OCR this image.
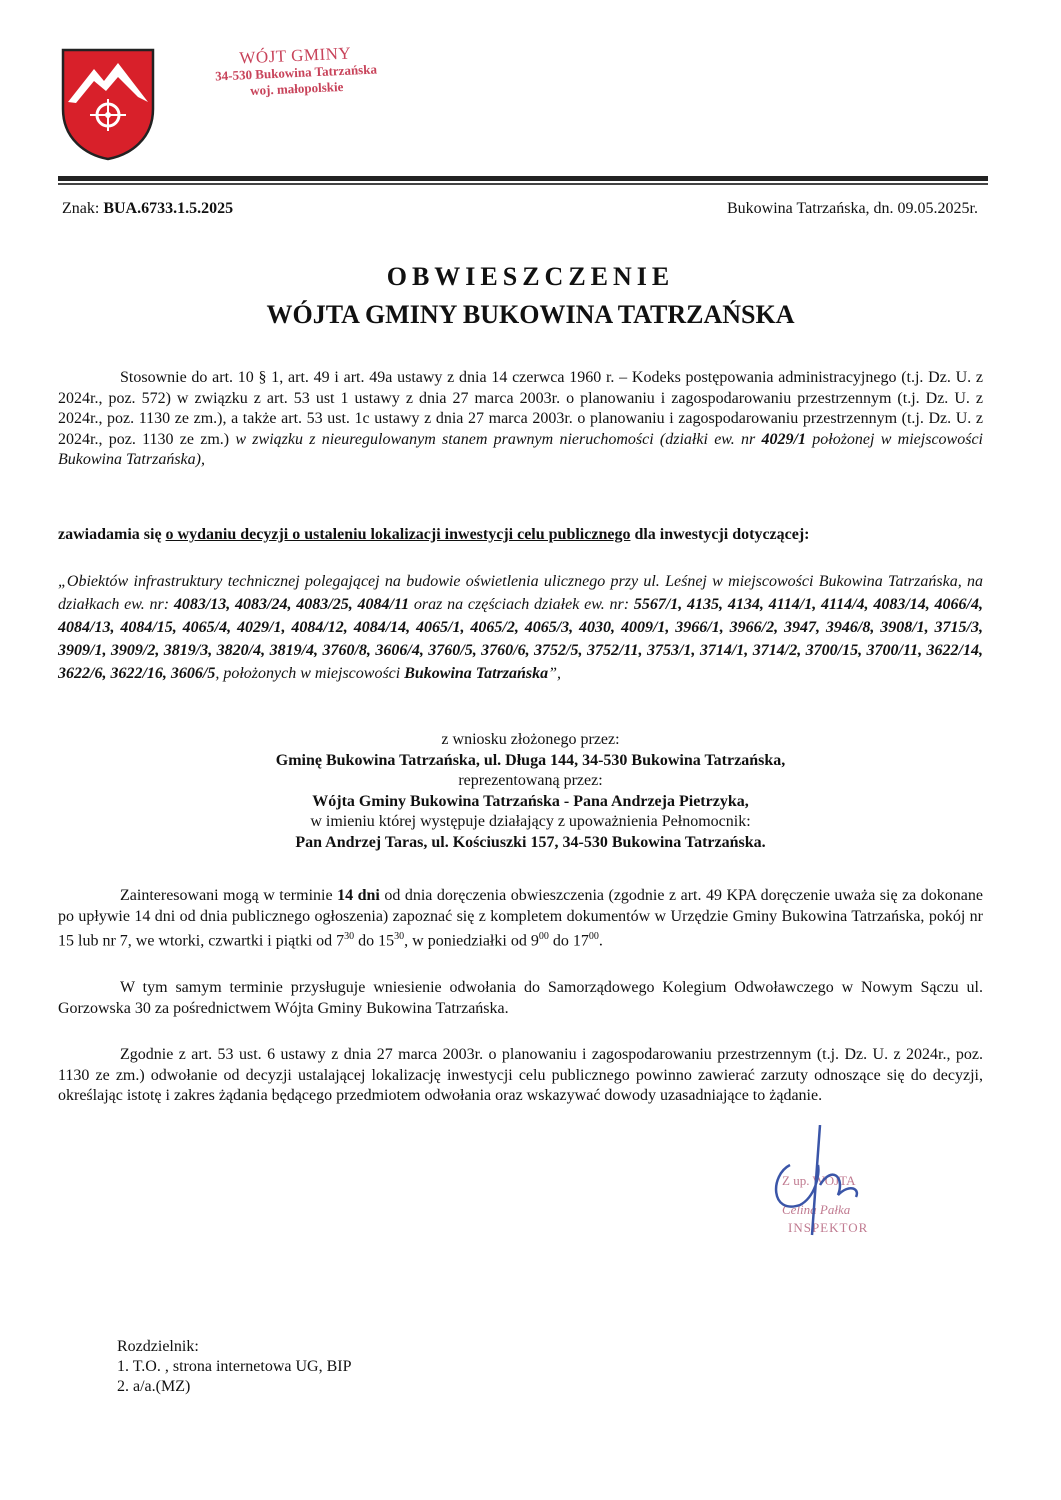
WÓJT GMINY
34-530 Bukowina Tatrzańska
woj. małopolskie
Znak: BUA.6733.1.5.2025	Bukowina Tatrzańska, dn. 09.05.2025r.
OBWIESZCZENIE
WÓJTA GMINY BUKOWINA TATRZAŃSKA
Stosownie do art. 10 § 1, art. 49 i art. 49a ustawy z dnia 14 czerwca 1960 r. – Kodeks postępowania administracyjnego (t.j. Dz. U. z 2024r., poz. 572) w związku z art. 53 ust 1 ustawy z dnia 27 marca 2003r. o planowaniu i zagospodarowaniu przestrzennym (t.j. Dz. U. z 2024r., poz. 1130 ze zm.), a także art. 53 ust. 1c ustawy z dnia 27 marca 2003r. o planowaniu i zagospodarowaniu przestrzennym (t.j. Dz. U. z 2024r., poz. 1130 ze zm.) w związku z nieuregulowanym stanem prawnym nieruchomości (działki ew. nr 4029/1 położonej w miejscowości Bukowina Tatrzańska),
zawiadamia się o wydaniu decyzji o ustaleniu lokalizacji inwestycji celu publicznego dla inwestycji dotyczącej:
„Obiektów infrastruktury technicznej polegającej na budowie oświetlenia ulicznego przy ul. Leśnej w miejscowości Bukowina Tatrzańska, na działkach ew. nr: 4083/13, 4083/24, 4083/25, 4084/11 oraz na częściach działek ew. nr: 5567/1, 4135, 4134, 4114/1, 4114/4, 4083/14, 4066/4, 4084/13, 4084/15, 4065/4, 4029/1, 4084/12, 4084/14, 4065/1, 4065/2, 4065/3, 4030, 4009/1, 3966/1, 3966/2, 3947, 3946/8, 3908/1, 3715/3, 3909/1, 3909/2, 3819/3, 3820/4, 3819/4, 3760/8, 3606/4, 3760/5, 3760/6, 3752/5, 3752/11, 3753/1, 3714/1, 3714/2, 3700/15, 3700/11, 3622/14, 3622/6, 3622/16, 3606/5, położonych w miejscowości Bukowina Tatrzańska”,
z wniosku złożonego przez:
Gminę Bukowina Tatrzańska, ul. Długa 144, 34-530 Bukowina Tatrzańska,
reprezentowaną przez:
Wójta Gminy Bukowina Tatrzańska - Pana Andrzeja Pietrzyka,
w imieniu której występuje działający z upoważnienia Pełnomocnik:
Pan Andrzej Taras, ul. Kościuszki 157, 34-530 Bukowina Tatrzańska.
Zainteresowani mogą w terminie 14 dni od dnia doręczenia obwieszczenia (zgodnie z art. 49 KPA doręczenie uważa się za dokonane po upływie 14 dni od dnia publicznego ogłoszenia) zapoznać się z kompletem dokumentów w Urzędzie Gminy Bukowina Tatrzańska, pokój nr 15 lub nr 7, we wtorki, czwartki i piątki od $7^{30}$ do $15^{30}$, w poniedziałki od $9^{00}$ do $17^{00}$.
W tym samym terminie przysługuje wniesienie odwołania do Samorządowego Kolegium Odwoławczego w Nowym Sączu ul. Gorzowska 30 za pośrednictwem Wójta Gminy Bukowina Tatrzańska.
Zgodnie z art. 53 ust. 6 ustawy z dnia 27 marca 2003r. o planowaniu i zagospodarowaniu przestrzennym (t.j. Dz. U. z 2024r., poz. 1130 ze zm.) odwołanie od decyzji ustalającej lokalizację inwestycji celu publicznego powinno zawierać zarzuty odnoszące się do decyzji, określając istotę i zakres żądania będącego przedmiotem odwołania oraz wskazywać dowody uzasadniające to żądanie.
Z up. WÓJTA
Celina Pałka
INSPEKTOR
Rozdzielnik:
1. T.O. , strona internetowa UG, BIP
2. a/a.(MZ)
